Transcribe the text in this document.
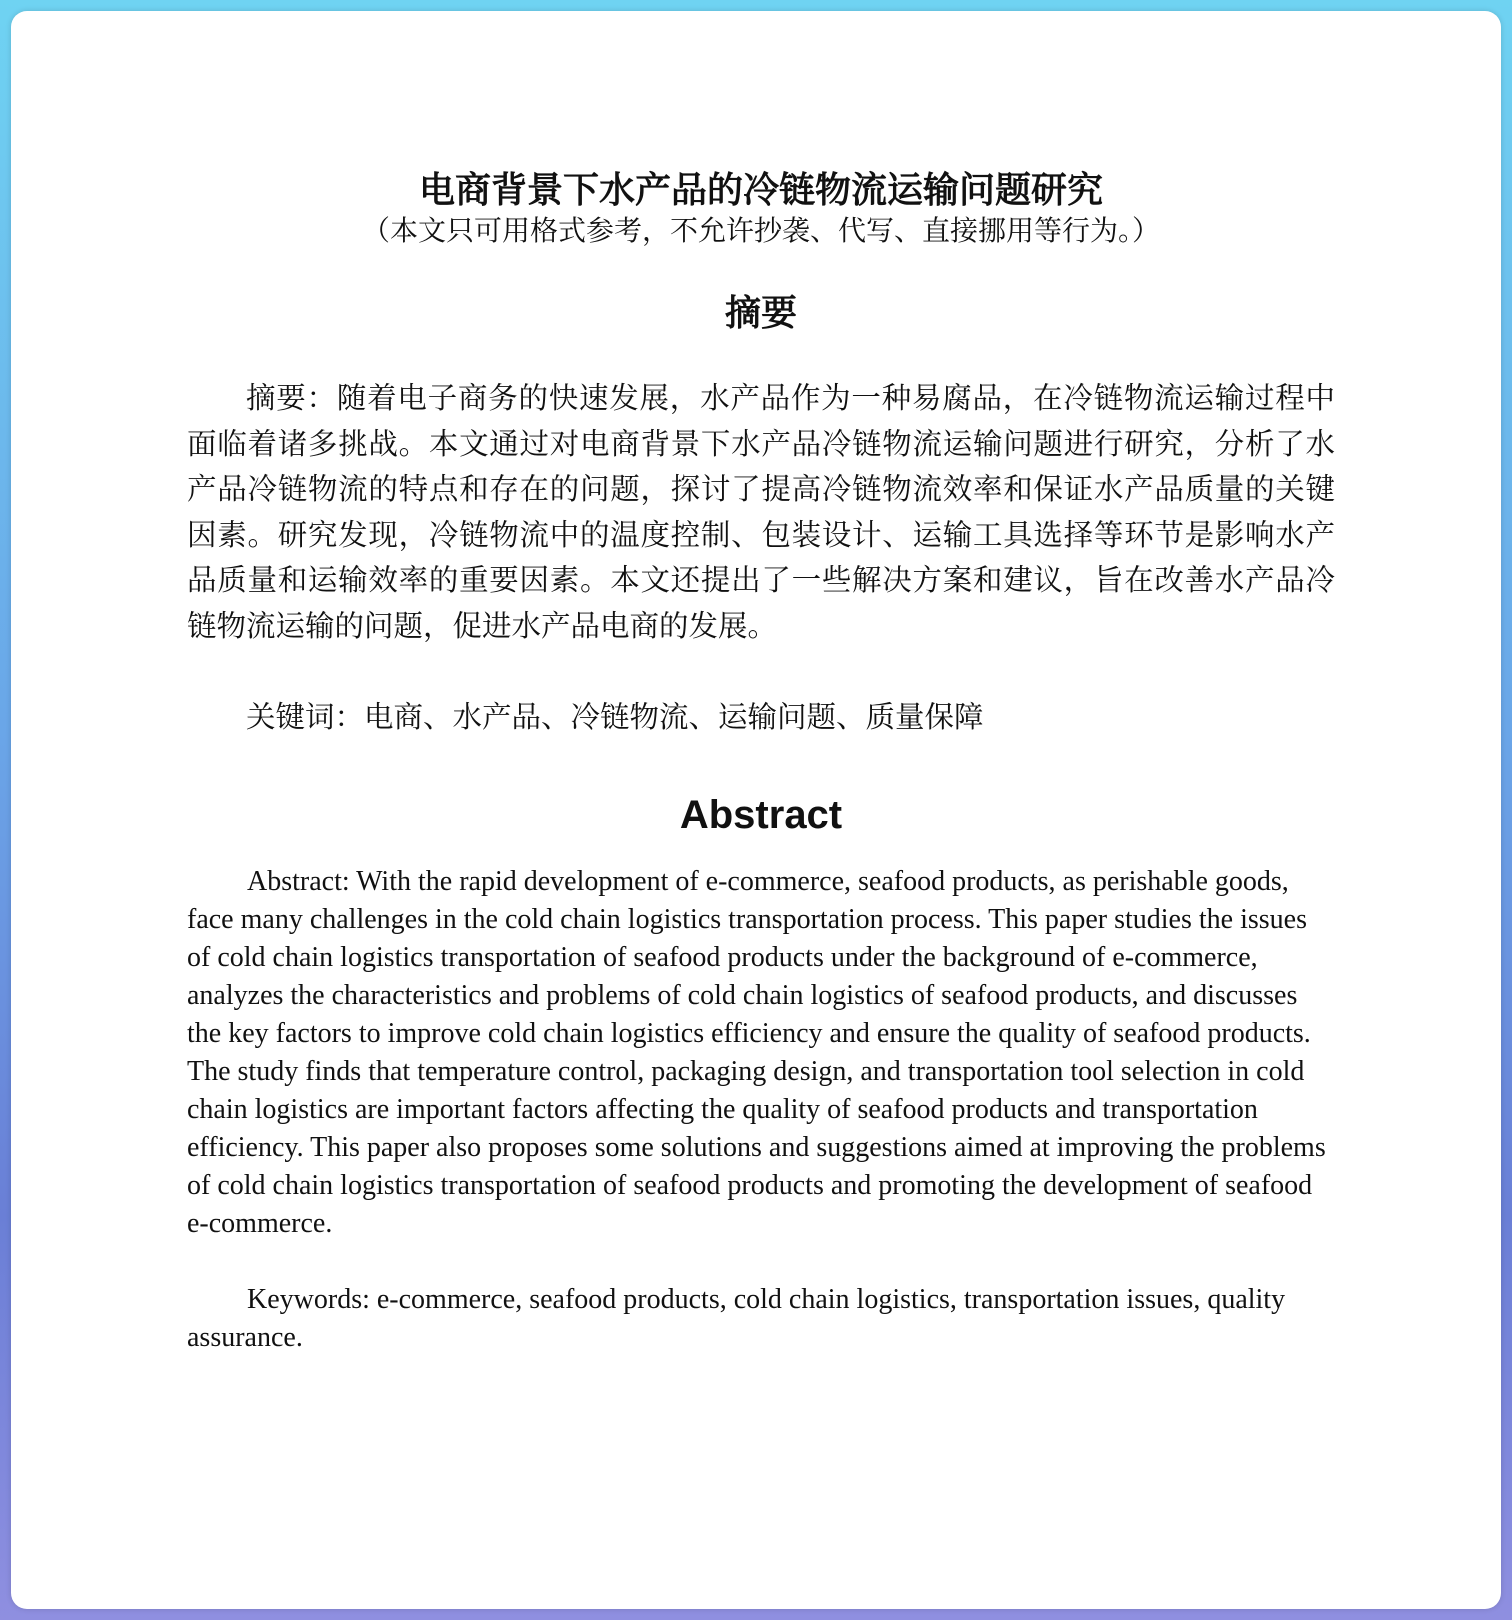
电商背景下水产品的冷链物流运输问题研究

（本文只可用格式参考，不允许抄袭、代写、直接挪用等行为。）

摘要

摘要：随着电子商务的快速发展，水产品作为一种易腐品，在冷链物流运输过程中面临着诸多挑战。本文通过对电商背景下水产品冷链物流运输问题进行研究，分析了水产品冷链物流的特点和存在的问题，探讨了提高冷链物流效率和保证水产品质量的关键因素。研究发现，冷链物流中的温度控制、包装设计、运输工具选择等环节是影响水产品质量和运输效率的重要因素。本文还提出了一些解决方案和建议，旨在改善水产品冷链物流运输的问题，促进水产品电商的发展。

关键词：电商、水产品、冷链物流、运输问题、质量保障

Abstract

Abstract: With the rapid development of e-commerce, seafood products, as perishable goods, face many challenges in the cold chain logistics transportation process. This paper studies the issues of cold chain logistics transportation of seafood products under the background of e-commerce, analyzes the characteristics and problems of cold chain logistics of seafood products, and discusses the key factors to improve cold chain logistics efficiency and ensure the quality of seafood products. The study finds that temperature control, packaging design, and transportation tool selection in cold chain logistics are important factors affecting the quality of seafood products and transportation efficiency. This paper also proposes some solutions and suggestions aimed at improving the problems of cold chain logistics transportation of seafood products and promoting the development of seafood e-commerce.

Keywords: e-commerce, seafood products, cold chain logistics, transportation issues, quality assurance.
